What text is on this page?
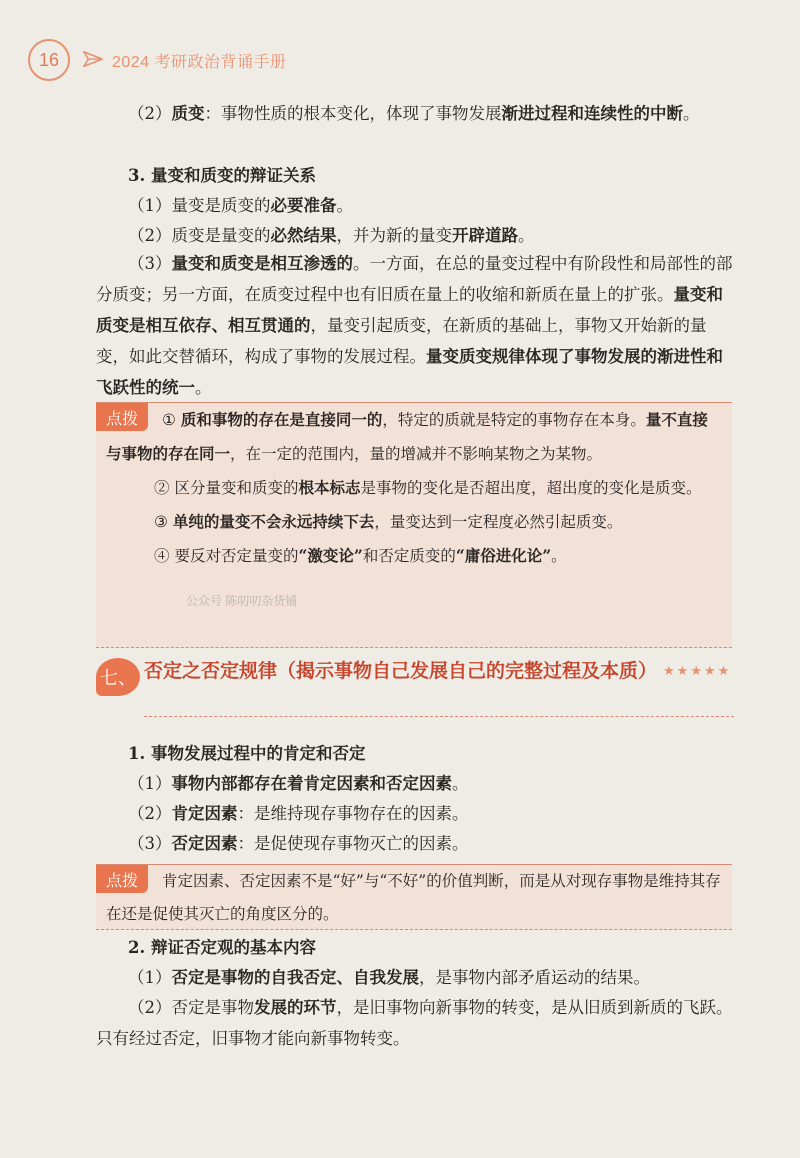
16	2024 考研政治背诵手册
（2）质变：事物性质的根本变化，体现了事物发展渐进过程和连续性的中断。
3. 量变和质变的辩证关系
（1）量变是质变的必要准备。
（2）质变是量变的必然结果，并为新的量变开辟道路。
（3）量变和质变是相互渗透的。一方面，在总的量变过程中有阶段性和局部性的部分质变；另一方面，在质变过程中也有旧质在量上的收缩和新质在量上的扩张。量变和质变是相互依存、相互贯通的，量变引起质变，在新质的基础上，事物又开始新的量变，如此交替循环，构成了事物的发展过程。量变质变规律体现了事物发展的渐进性和飞跃性的统一。
点拨	① 质和事物的存在是直接同一的，特定的质就是特定的事物存在本身。量不直接与事物的存在同一，在一定的范围内，量的增减并不影响某物之为某物。
② 区分量变和质变的根本标志是事物的变化是否超出度，超出度的变化是质变。
③ 单纯的量变不会永远持续下去，量变达到一定程度必然引起质变。
④ 要反对否定量变的“激变论”和否定质变的“庸俗进化论”。
公众号 陈叨叨杂货铺
七、 否定之否定规律（揭示事物自己发展自己的完整过程及本质） ★★★★★
1. 事物发展过程中的肯定和否定
（1）事物内部都存在着肯定因素和否定因素。
（2）肯定因素：是维持现存事物存在的因素。
（3）否定因素：是促使现存事物灭亡的因素。
点拨	肯定因素、否定因素不是“好”与“不好”的价值判断，而是从对现存事物是维持其存在还是促使其灭亡的角度区分的。
2. 辩证否定观的基本内容
（1）否定是事物的自我否定、自我发展，是事物内部矛盾运动的结果。
（2）否定是事物发展的环节，是旧事物向新事物的转变，是从旧质到新质的飞跃。只有经过否定，旧事物才能向新事物转变。
